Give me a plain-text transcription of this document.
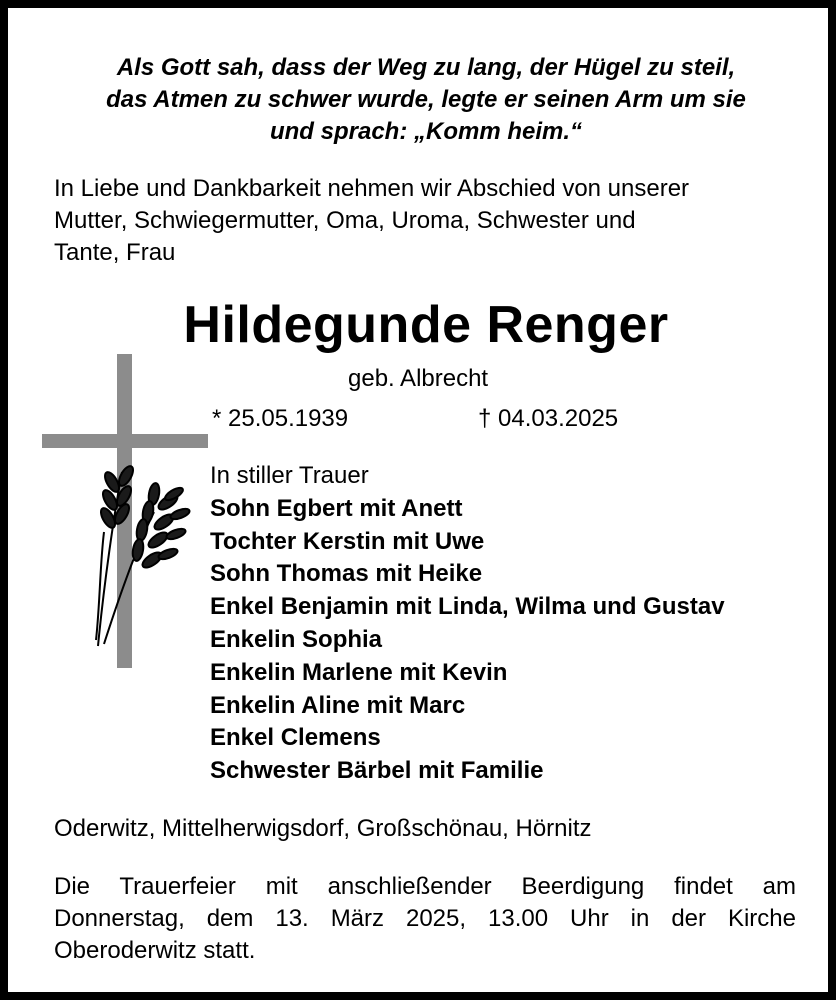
Als Gott sah, dass der Weg zu lang, der Hügel zu steil,
das Atmen zu schwer wurde, legte er seinen Arm um sie
und sprach: „Komm heim.“
In Liebe und Dankbarkeit nehmen wir Abschied von unserer
Mutter, Schwiegermutter, Oma, Uroma, Schwester und
Tante, Frau
Hildegunde Renger
geb. Albrecht
* 25.05.1939	† 04.03.2025
In stiller Trauer
Sohn Egbert mit Anett
Tochter Kerstin mit Uwe
Sohn Thomas mit Heike
Enkel Benjamin mit Linda, Wilma und Gustav
Enkelin Sophia
Enkelin Marlene mit Kevin
Enkelin Aline mit Marc
Enkel Clemens
Schwester Bärbel mit Familie
Oderwitz, Mittelherwigsdorf, Großschönau, Hörnitz
Die Trauerfeier mit anschließender Beerdigung findet am
Donnerstag, dem 13. März 2025, 13.00 Uhr in der Kirche
Oberoderwitz statt.
